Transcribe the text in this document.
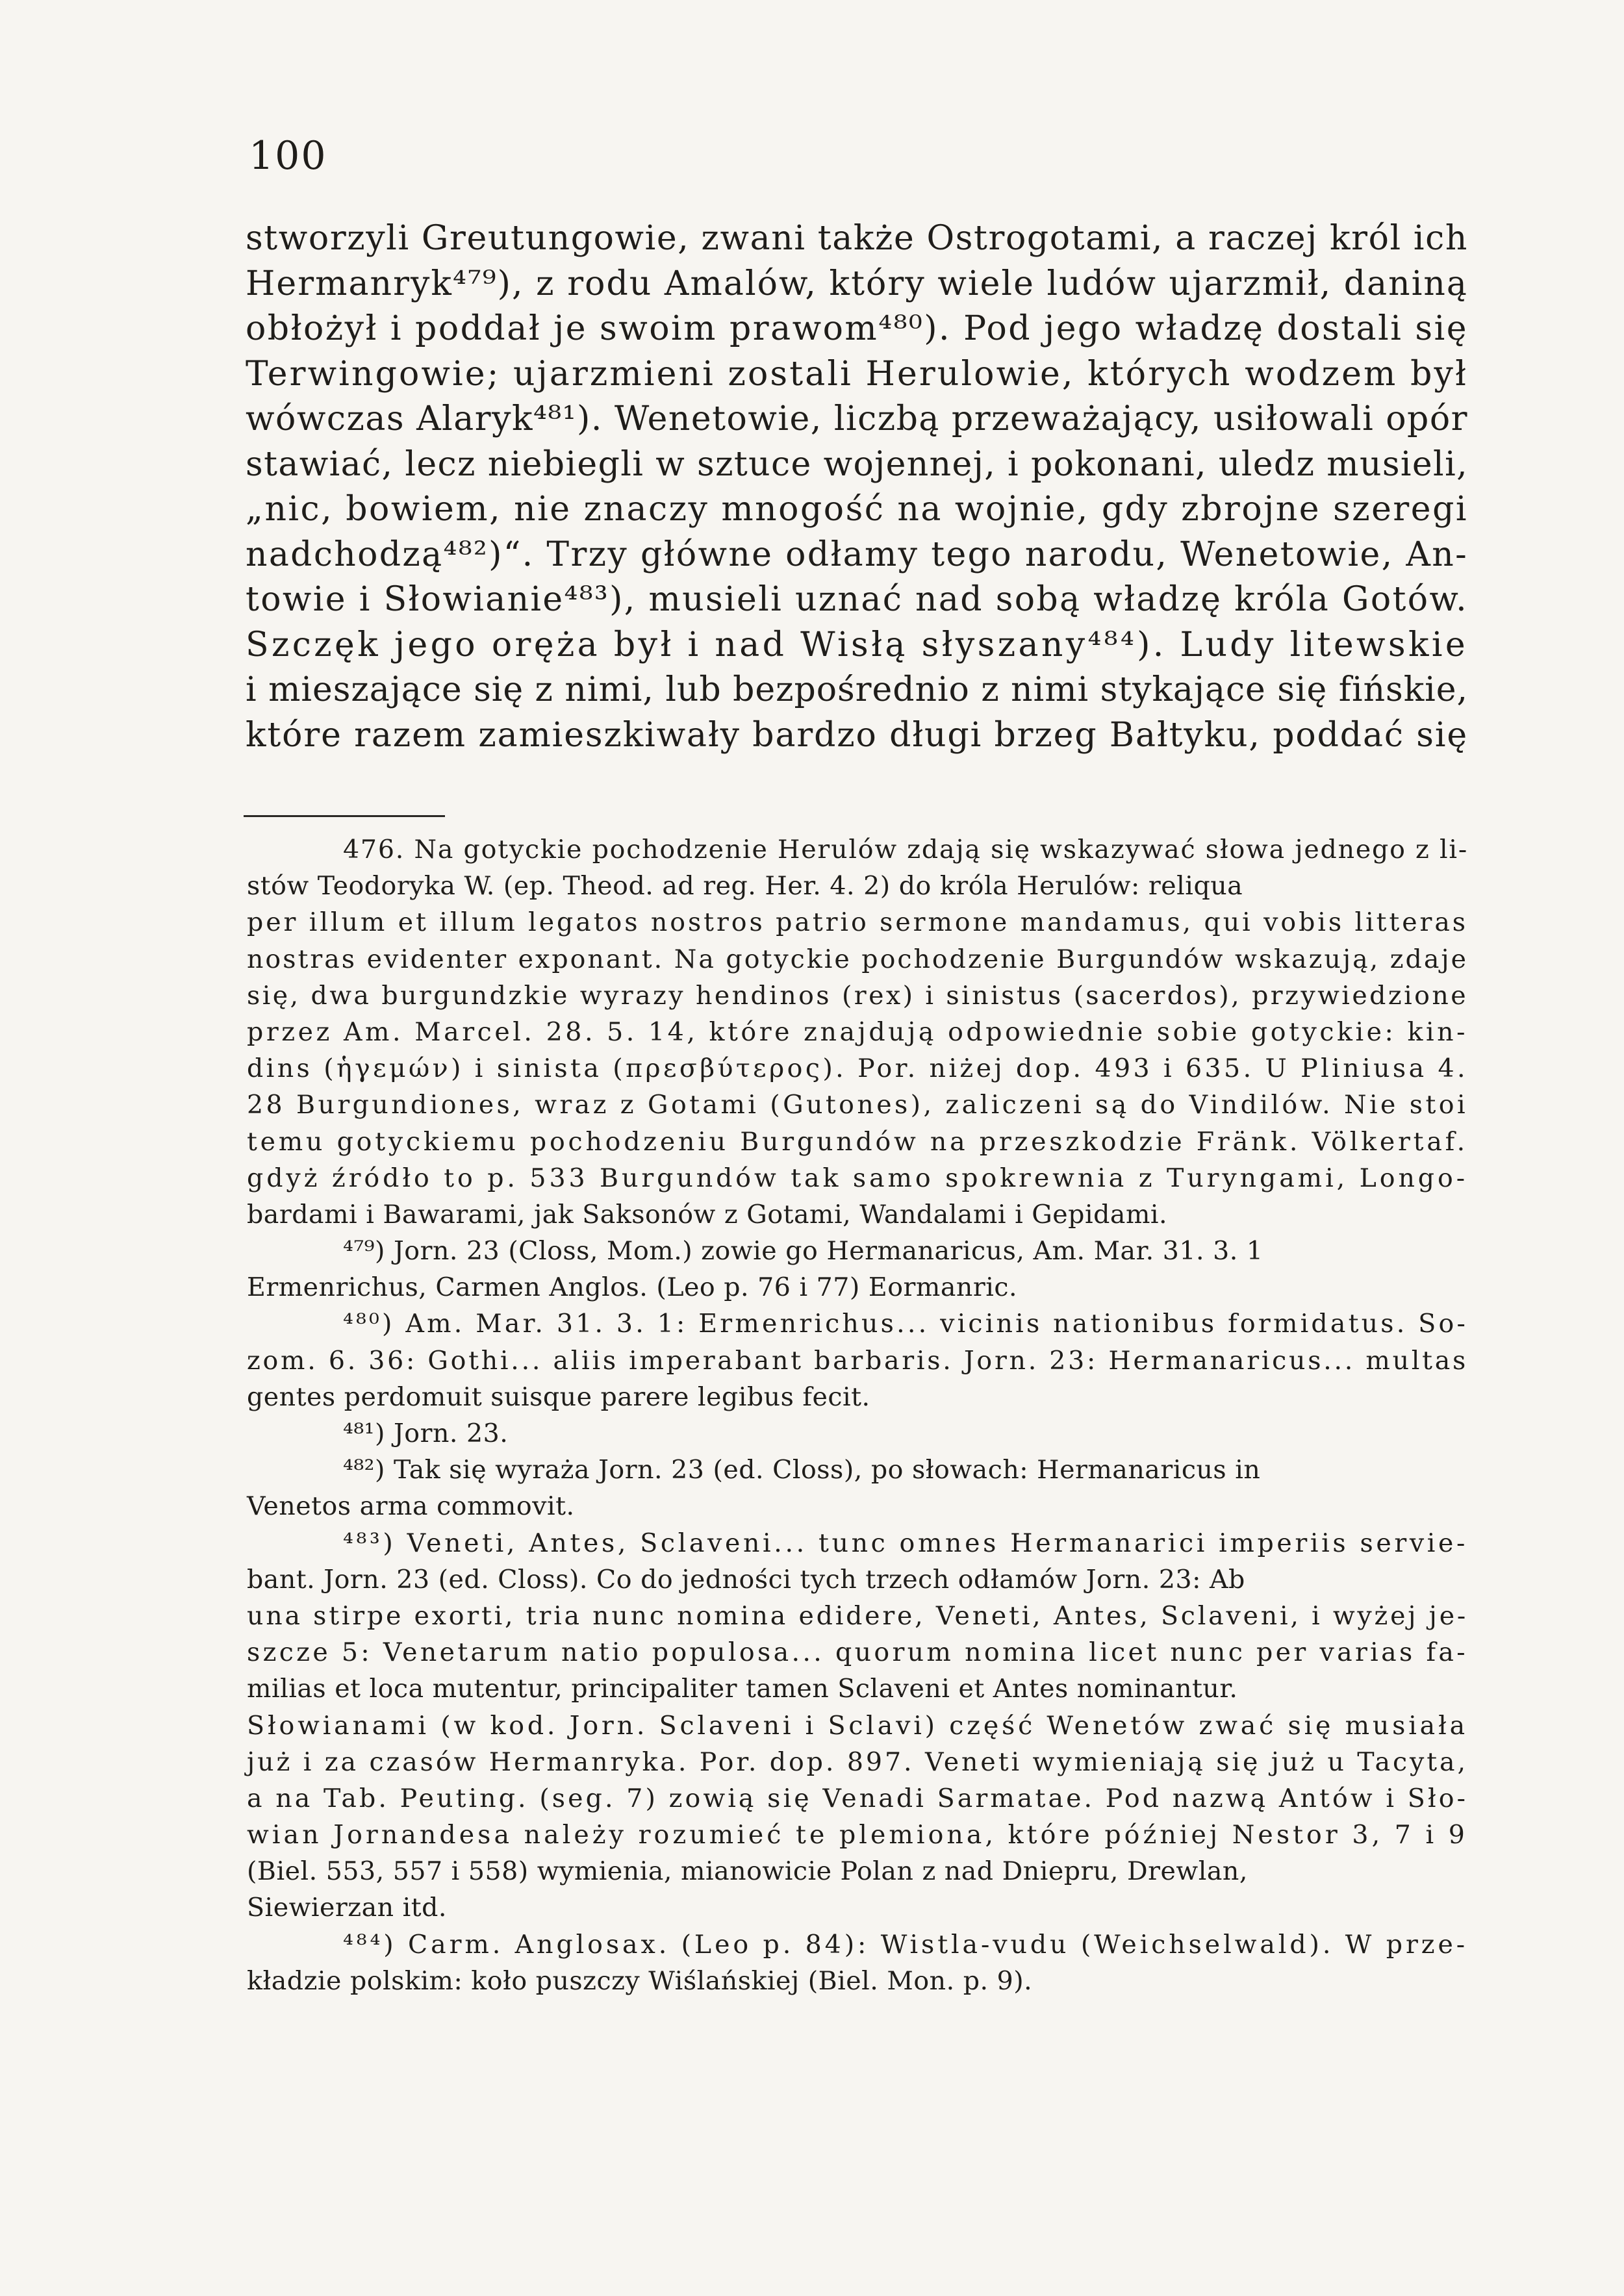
100
stworzyli Greutungowie, zwani także Ostrogotami, a raczej król ich
Hermanryk⁴⁷⁹), z rodu Amalów, który wiele ludów ujarzmił, daniną
obłożył i poddał je swoim prawom⁴⁸⁰). Pod jego władzę dostali się
Terwingowie; ujarzmieni zostali Herulowie, których wodzem był
wówczas Alaryk⁴⁸¹). Wenetowie, liczbą przeważający, usiłowali opór
stawiać, lecz niebiegli w sztuce wojennej, i pokonani, uledz musieli,
„nic, bowiem, nie znaczy mnogość na wojnie, gdy zbrojne szeregi
nadchodzą⁴⁸²)“. Trzy główne odłamy tego narodu, Wenetowie, An-
towie i Słowianie⁴⁸³), musieli uznać nad sobą władzę króla Gotów.
Szczęk jego oręża był i nad Wisłą słyszany⁴⁸⁴). Ludy litewskie
i mieszające się z nimi, lub bezpośrednio z nimi stykające się fińskie,
które razem zamieszkiwały bardzo długi brzeg Bałtyku, poddać się
476. Na gotyckie pochodzenie Herulów zdają się wskazywać słowa jednego z li-
stów Teodoryka W. (ep. Theod. ad reg. Her. 4. 2) do króla Herulów: reliqua
per illum et illum legatos nostros patrio sermone mandamus, qui vobis litteras
nostras evidenter exponant. Na gotyckie pochodzenie Burgundów wskazują, zdaje
się, dwa burgundzkie wyrazy hendinos (rex) i sinistus (sacerdos), przywiedzione
przez Am. Marcel. 28. 5. 14, które znajdują odpowiednie sobie gotyckie: kin-
dins (ἡγεμών) i sinista (πρεσβύτερος). Por. niżej dop. 493 i 635. U Pliniusa 4.
28 Burgundiones, wraz z Gotami (Gutones), zaliczeni są do Vindilów. Nie stoi
temu gotyckiemu pochodzeniu Burgundów na przeszkodzie Fränk. Völkertaf.
gdyż źródło to p. 533 Burgundów tak samo spokrewnia z Turyngami, Longo-
bardami i Bawarami, jak Saksonów z Gotami, Wandalami i Gepidami.
⁴⁷⁹) Jorn. 23 (Closs, Mom.) zowie go Hermanaricus, Am. Mar. 31. 3. 1
Ermenrichus, Carmen Anglos. (Leo p. 76 i 77) Eormanric.
⁴⁸⁰) Am. Mar. 31. 3. 1: Ermenrichus... vicinis nationibus formidatus. So-
zom. 6. 36: Gothi... aliis imperabant barbaris. Jorn. 23: Hermanaricus... multas
gentes perdomuit suisque parere legibus fecit.
⁴⁸¹) Jorn. 23.
⁴⁸²) Tak się wyraża Jorn. 23 (ed. Closs), po słowach: Hermanaricus in
Venetos arma commovit.
⁴⁸³) Veneti, Antes, Sclaveni... tunc omnes Hermanarici imperiis servie-
bant. Jorn. 23 (ed. Closs). Co do jedności tych trzech odłamów Jorn. 23: Ab
una stirpe exorti, tria nunc nomina edidere, Veneti, Antes, Sclaveni, i wyżej je-
szcze 5: Venetarum natio populosa... quorum nomina licet nunc per varias fa-
milias et loca mutentur, principaliter tamen Sclaveni et Antes nominantur.
Słowianami (w kod. Jorn. Sclaveni i Sclavi) część Wenetów zwać się musiała
już i za czasów Hermanryka. Por. dop. 897. Veneti wymieniają się już u Tacyta,
a na Tab. Peuting. (seg. 7) zowią się Venadi Sarmatae. Pod nazwą Antów i Sło-
wian Jornandesa należy rozumieć te plemiona, które później Nestor 3, 7 i 9
(Biel. 553, 557 i 558) wymienia, mianowicie Polan z nad Dniepru, Drewlan,
Siewierzan itd.
⁴⁸⁴) Carm. Anglosax. (Leo p. 84): Wistla-vudu (Weichselwald). W prze-
kładzie polskim: koło puszczy Wiślańskiej (Biel. Mon. p. 9).
